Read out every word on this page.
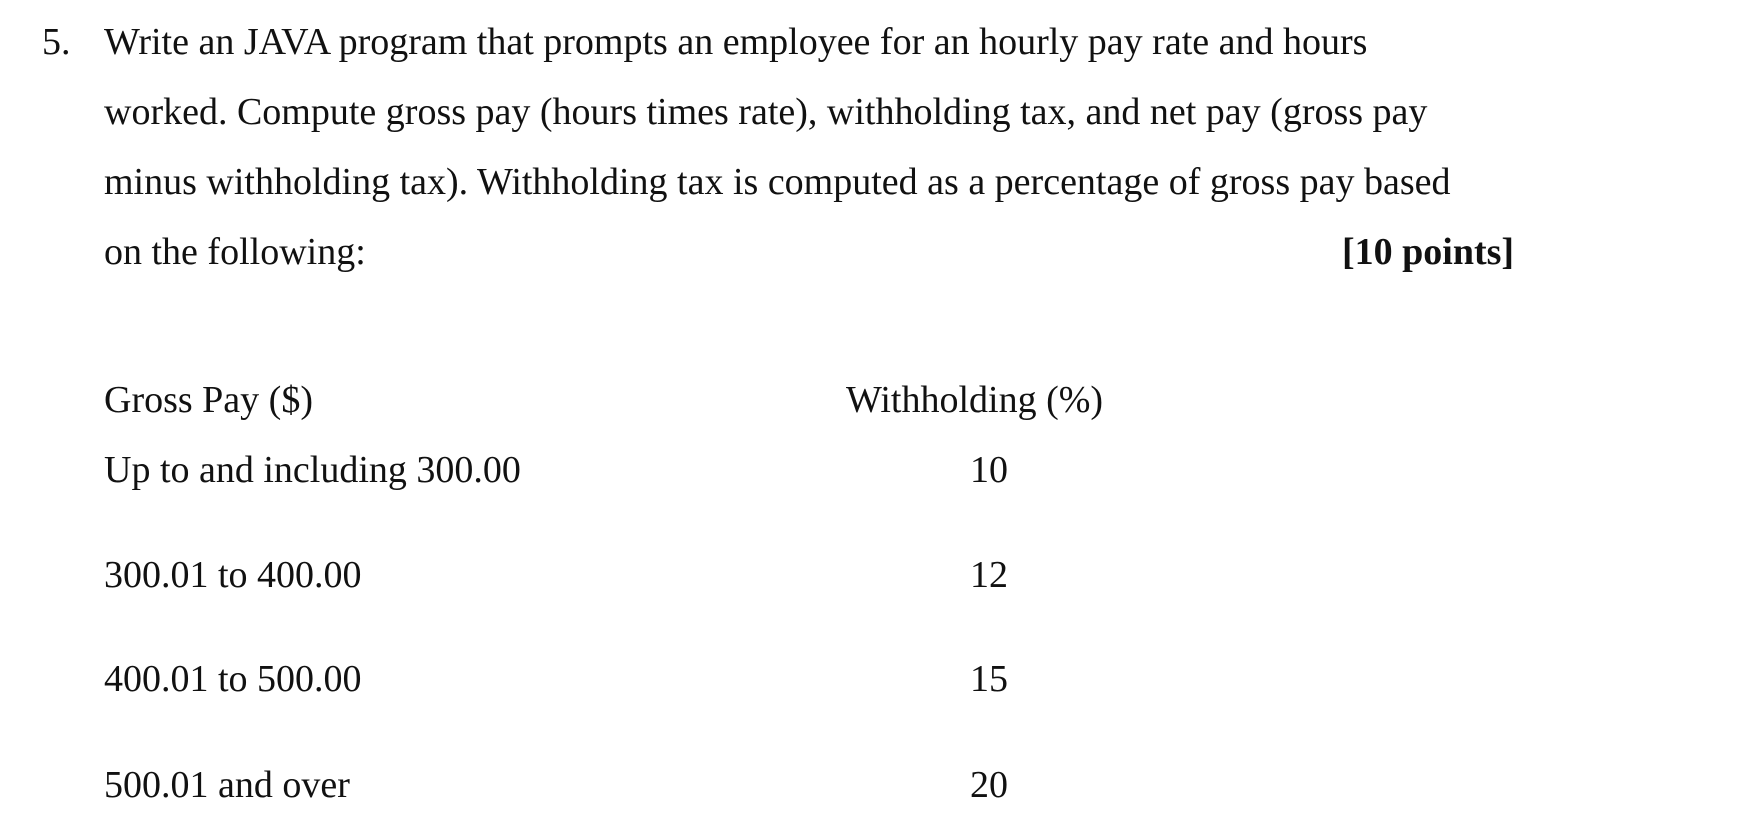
5. Write an JAVA program that prompts an employee for an hourly pay rate and hours
worked. Compute gross pay (hours times rate), withholding tax, and net pay (gross pay
minus withholding tax). Withholding tax is computed as a percentage of gross pay based
on the following:	[10 points]
Gross Pay ($)	Withholding (%)
Up to and including 300.00	10
300.01 to 400.00	12
400.01 to 500.00	15
500.01 and over	20
